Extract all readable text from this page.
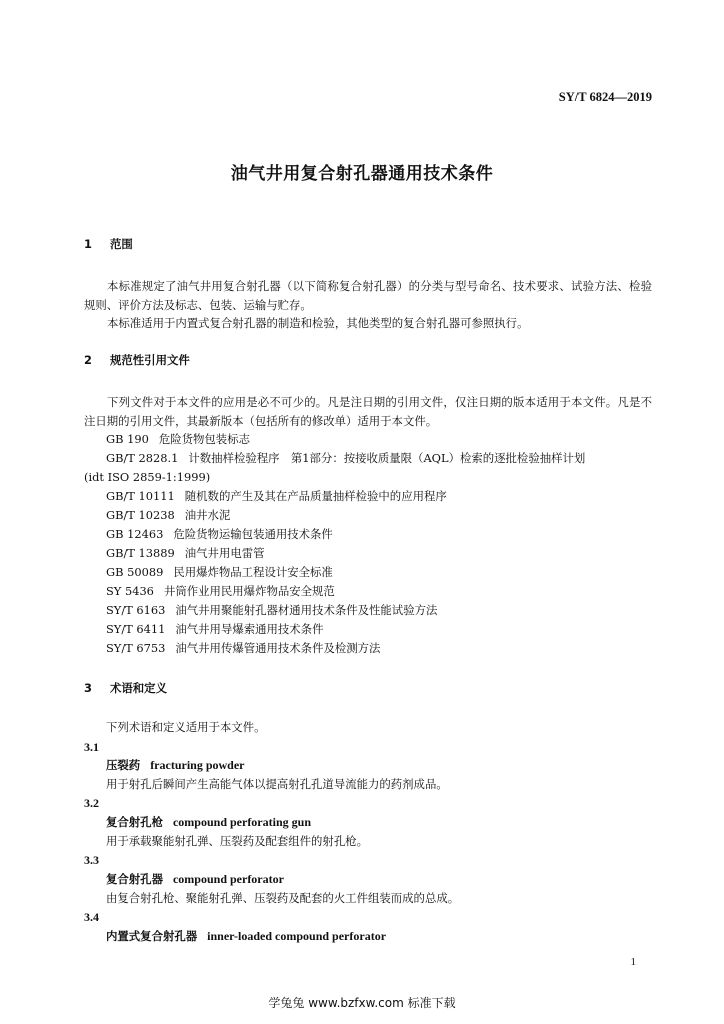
SY/T 6824—2019
油气井用复合射孔器通用技术条件
1 范围
本标准规定了油气井用复合射孔器（以下简称复合射孔器）的分类与型号命名、技术要求、试验方法、检验规则、评价方法及标志、包装、运输与贮存。
本标准适用于内置式复合射孔器的制造和检验，其他类型的复合射孔器可参照执行。
2 规范性引用文件
下列文件对于本文件的应用是必不可少的。凡是注日期的引用文件，仅注日期的版本适用于本文件。凡是不注日期的引用文件，其最新版本（包括所有的修改单）适用于本文件。
GB 190 危险货物包装标志
GB/T 2828.1 计数抽样检验程序　第1部分：按接收质量限（AQL）检索的逐批检验抽样计划
(idt ISO 2859-1:1999)
GB/T 10111 随机数的产生及其在产品质量抽样检验中的应用程序
GB/T 10238 油井水泥
GB 12463 危险货物运输包装通用技术条件
GB/T 13889 油气井用电雷管
GB 50089 民用爆炸物品工程设计安全标准
SY 5436 井筒作业用民用爆炸物品安全规范
SY/T 6163 油气井用聚能射孔器材通用技术条件及性能试验方法
SY/T 6411 油气井用导爆索通用技术条件
SY/T 6753 油气井用传爆管通用技术条件及检测方法
3 术语和定义
下列术语和定义适用于本文件。
3.1
压裂药 fracturing powder
用于射孔后瞬间产生高能气体以提高射孔孔道导流能力的药剂成品。
3.2
复合射孔枪 compound perforating gun
用于承载聚能射孔弹、压裂药及配套组件的射孔枪。
3.3
复合射孔器 compound perforator
由复合射孔枪、聚能射孔弹、压裂药及配套的火工件组装而成的总成。
3.4
内置式复合射孔器 inner-loaded compound perforator
1
学兔兔 www.bzfxw.com 标准下载
